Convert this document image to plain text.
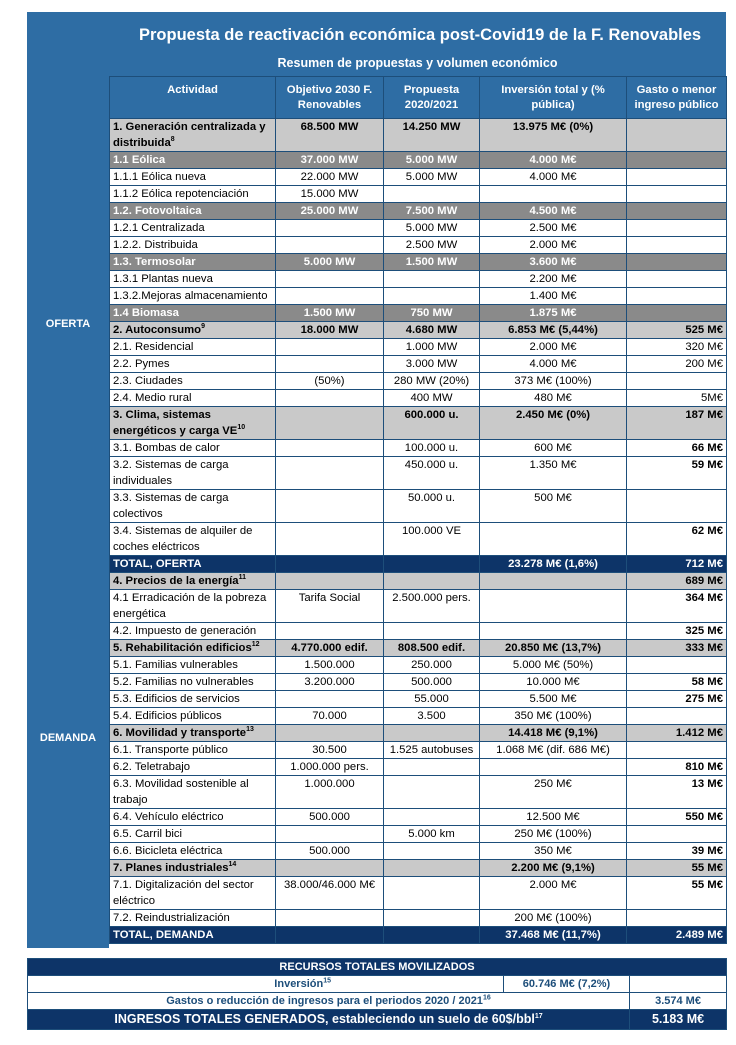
OFERTA
DEMANDA
Propuesta de reactivación económica post-Covid19 de la F. Renovables
Resumen de propuestas y volumen económico
Actividad	Objetivo 2030 F. Renovables	Propuesta 2020/2021	Inversión total y (% pública)	Gasto o menor ingreso público
1. Generación centralizada y distribuida$^8$	68.500 MW	14.250 MW	13.975 M€ (0%)	
1.1 Eólica	37.000 MW	5.000 MW	4.000 M€	
1.1.1 Eólica nueva	22.000 MW	5.000 MW	4.000 M€	
1.1.2 Eólica repotenciación	15.000 MW			
1.2. Fotovoltaica	25.000 MW	7.500 MW	4.500 M€	
1.2.1 Centralizada		5.000 MW	2.500 M€	
1.2.2. Distribuida		2.500 MW	2.000 M€	
1.3. Termosolar	5.000 MW	1.500 MW	3.600 M€	
1.3.1 Plantas nueva			2.200 M€	
1.3.2.Mejoras almacenamiento			1.400 M€	
1.4 Biomasa	1.500 MW	750 MW	1.875 M€	
2. Autoconsumo$^9$	18.000 MW	4.680 MW	6.853 M€ (5,44%)	525 M€
2.1. Residencial		1.000 MW	2.000 M€	320 M€
2.2. Pymes		3.000 MW	4.000 M€	200 M€
2.3. Ciudades	(50%)	280 MW (20%)	373 M€ (100%)	
2.4. Medio rural		400 MW	480 M€	5M€
3. Clima, sistemas energéticos y carga VE$^{10}$		600.000 u.	2.450 M€ (0%)	187 M€
3.1. Bombas de calor		100.000 u.	600 M€	66 M€
3.2. Sistemas de carga individuales		450.000 u.	1.350 M€	59 M€
3.3. Sistemas de carga colectivos		50.000 u.	500 M€	
3.4. Sistemas de alquiler de coches eléctricos		100.000 VE		62 M€
TOTAL, OFERTA			23.278 M€ (1,6%)	712 M€
4. Precios de la energía$^{11}$				689 M€
4.1 Erradicación de la pobreza energética	Tarifa Social	2.500.000 pers.		364 M€
4.2. Impuesto de generación				325 M€
5. Rehabilitación edificios$^{12}$	4.770.000 edif.	808.500 edif.	20.850 M€ (13,7%)	333 M€
5.1. Familias vulnerables	1.500.000	250.000	5.000 M€ (50%)	
5.2. Familias no vulnerables	3.200.000	500.000	10.000 M€	58 M€
5.3. Edificios de servicios		55.000	5.500 M€	275 M€
5.4. Edificios públicos	70.000	3.500	350 M€ (100%)	
6. Movilidad y transporte$^{13}$			14.418 M€ (9,1%)	1.412 M€
6.1. Transporte público	30.500	1.525 autobuses	1.068 M€ (dif. 686 M€)	
6.2. Teletrabajo	1.000.000 pers.			810 M€
6.3. Movilidad sostenible al trabajo	1.000.000		250 M€	13 M€
6.4. Vehículo eléctrico	500.000		12.500 M€	550 M€
6.5. Carril bici		5.000 km	250 M€ (100%)	
6.6. Bicicleta eléctrica	500.000		350 M€	39 M€
7. Planes industriales$^{14}$			2.200 M€ (9,1%)	55 M€
7.1. Digitalización del sector eléctrico	38.000/46.000 M€		2.000 M€	55 M€
7.2. Reindustrialización			200 M€ (100%)	
TOTAL, DEMANDA			37.468 M€ (11,7%)	2.489 M€
RECURSOS TOTALES MOVILIZADOS		
Inversión$^{15}$	60.746 M€ (7,2%)	
Gastos o reducción de ingresos para el periodos 2020 / 2021$^{16}$		3.574 M€
INGRESOS TOTALES GENERADOS, estableciendo un suelo de 60$/bbl$^{17}$		5.183 M€
